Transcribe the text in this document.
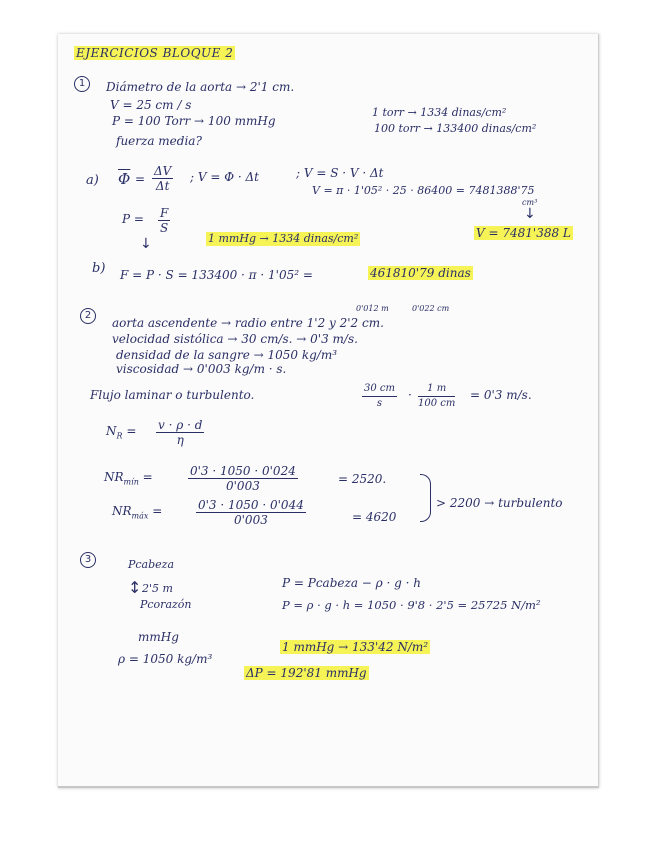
EJERCICIOS BLOQUE 2
1	Diámetro de la aorta → 2'1 cm.
V = 25 cm / s
P = 100 Torr → 100 mmHg
fuerza media?
1 torr → 1334 dinas/cm²
100 torr → 133400 dinas/cm²
a) $\overline{\Phi} = \frac{\Delta V}{\Delta t}$ ; V = Φ · Δt	; V = S · V · Δt
V = π · 1'05² · 25 · 86400 = 7481388'75
cm³
↓
V = 7481'388 L
$P = \frac{F}{S}$
↓	1 mmHg → 1334 dinas/cm²
b) F = P · S = 133400 · π · 1'05² =	461810'79 dinas
2
0'012 m	0'022 cm
aorta ascendente → radio entre 1'2 y 2'2 cm.
velocidad sistólica → 30 cm/s. → 0'3 m/s.
densidad de la sangre → 1050 kg/m³
viscosidad → 0'003 kg/m · s.
Flujo laminar o turbulento.	$\frac{30 cm}{s} \cdot \frac{1 m}{100 cm} = 0'3$ m/s.
$N_R = \frac{v \cdot \rho \cdot d}{\eta}$
$NR_{mín}$ =	$\frac{0'3 \cdot 1050 \cdot 0'024}{0'003}$	= 2520.
$NR_{máx}$ =	$\frac{0'3 \cdot 1050 \cdot 0'044}{0'003}$	= 4620
> 2200 → turbulento
3	Pcabeza
↕ 2'5 m
Pcorazón
P = Pcabeza − ρ · g · h
P = ρ · g · h = 1050 · 9'8 · 2'5 = 25725 N/m²
mmHg
ρ = 1050 kg/m³
1 mmHg → 133'42 N/m²
ΔP = 192'81 mmHg
